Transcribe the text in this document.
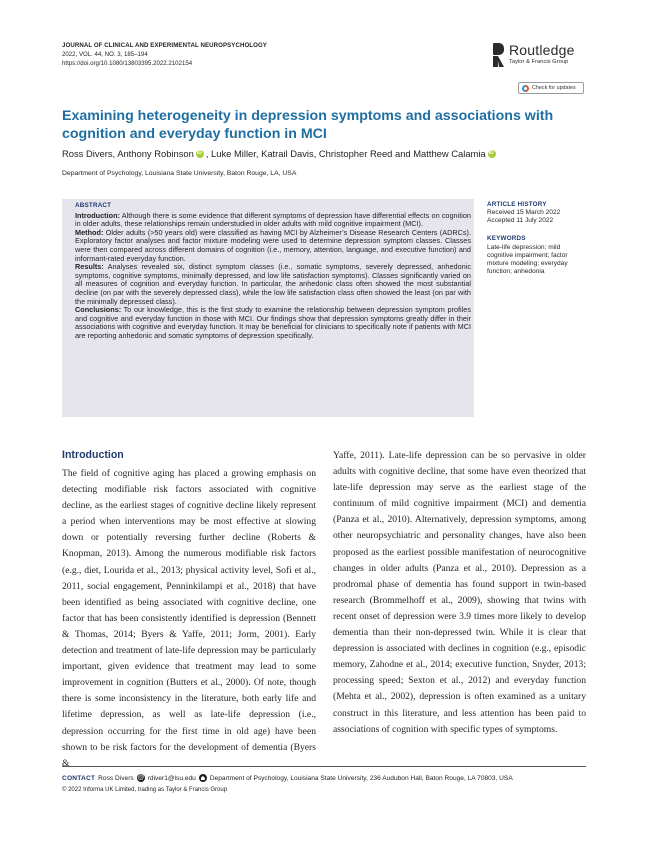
JOURNAL OF CLINICAL AND EXPERIMENTAL NEUROPSYCHOLOGY
2022, VOL. 44, NO. 3, 185–194
https://doi.org/10.1080/13803395.2022.2102154
Routledge
Taylor & Francis Group
Check for updates
Examining heterogeneity in depression symptoms and associations with cognition and everyday function in MCI
Ross Divers, Anthony Robinson iD , Luke Miller, Katrail Davis, Christopher Reed and Matthew Calamia
iD
Department of Psychology, Louisiana State University, Baton Rouge, LA, USA
ABSTRACT

Introduction: Although there is some evidence that different symptoms of depression have differential effects on cognition in older adults, these relationships remain understudied in older adults with mild cognitive impairment (MCI).

Method: Older adults (>50 years old) were classified as having MCI by Alzheimer’s Disease Research Centers (ADRCs). Exploratory factor analyses and factor mixture modeling were used to determine depression symptom classes. Classes were then compared across different domains of cognition (i.e., memory, attention, language, and executive function) and informant-rated everyday function.

Results: Analyses revealed six, distinct symptom classes (i.e., somatic symptoms, severely depressed, anhedonic symptoms, cognitive symptoms, minimally depressed, and low life satisfaction symptoms). Classes significantly varied on all measures of cognition and everyday function. In particular, the anhedonic class often showed the most substantial decline (on par with the severely depressed class), while the low life satisfaction class often showed the least (on par with the minimally depressed class).

Conclusions: To our knowledge, this is the first study to examine the relationship between depression symptom profiles and cognitive and everyday function in those with MCI. Our findings show that depression symptoms greatly differ in their associations with cognitive and everyday function. It may be beneficial for clinicians to specifically note if patients with MCI are reporting anhedonic and somatic symptoms of depression specifically.

ARTICLE HISTORY
Received 15 March 2022
Accepted 11 July 2022
KEYWORDS
Late-life depression; mild cognitive impairment; factor mixture modeling; everyday function; anhedonia
Introduction
The field of cognitive aging has placed a growing emphasis on detecting modifiable risk factors associated with cognitive decline, as the earliest stages of cognitive decline likely represent a period when interventions may be most effective at slowing down or potentially reversing further decline (Roberts & Knopman, 2013). Among the numerous modifiable risk factors (e.g., diet, Lourida et al., 2013; physical activity level, Sofi et al., 2011, social engagement, Penninkilampi et al., 2018) that have been identified as being associated with cognitive decline, one factor that has been consistently identified is depression (Bennett & Thomas, 2014; Byers & Yaffe, 2011; Jorm, 2001). Early detection and treatment of late-life depression may be particularly important, given evidence that treatment may lead to some improvement in cognition (Butters et al., 2000). Of note, though there is some inconsistency in the literature, both early life and lifetime depression, as well as late-life depression (i.e., depression occurring for the first time in old age) have been shown to be risk factors for the development of dementia (Byers &
Yaffe, 2011). Late-life depression can be so pervasive in older adults with cognitive decline, that some have even theorized that late-life depression may serve as the earliest stage of the continuum of mild cognitive impairment (MCI) and dementia (Panza et al., 2010). Alternatively, depression symptoms, among other neuropsychiatric and personality changes, have also been proposed as the earliest possible manifestation of neurocognitive changes in older adults (Panza et al., 2010). Depression as a prodromal phase of dementia has found support in twin-based research (Brommelhoff et al., 2009), showing that twins with recent onset of depression were 3.9 times more likely to develop dementia than their non-depressed twin. While it is clear that depression is associated with declines in cognition (e.g., episodic memory, Zahodne et al., 2014; executive function, Snyder, 2013; processing speed; Sexton et al., 2012) and everyday function (Mehta et al., 2002), depression is often examined as a unitary construct in this literature, and less attention has been paid to associations of cognition with specific types of symptoms.
CONTACT Ross Divers @ rdiver1@lsu.edu Department of Psychology, Louisiana State University, 236 Audubon Hall, Baton Rouge, LA 70803, USA
© 2022 Informa UK Limited, trading as Taylor & Francis Group
